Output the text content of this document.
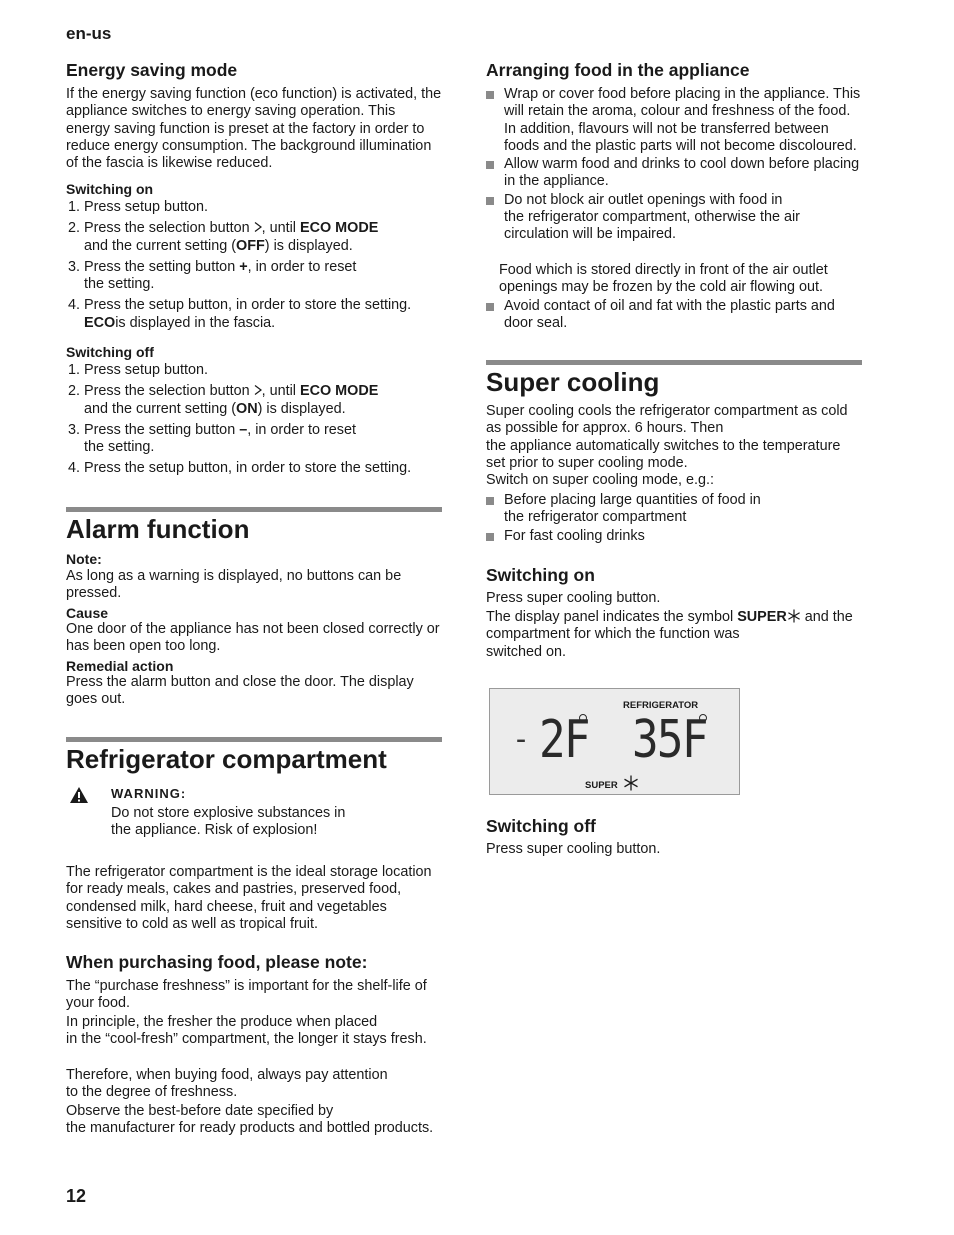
en-us
Energy saving mode
If the energy saving function (eco function) is activated, the appliance switches to energy saving operation. This energy saving function is preset at the factory in order to reduce energy consumption. The background illumination of the fascia is likewise reduced.
Switching on
1. Press setup button.
2. Press the selection button , until ECO MODE
and the current setting (OFF) is displayed.
3. Press the setting button +, in order to reset
the setting.
4. Press the setup button, in order to store the setting.
ECOis displayed in the fascia.
Switching off
1. Press setup button.
2. Press the selection button , until ECO MODE
and the current setting (ON) is displayed.
3. Press the setting button –, in order to reset
the setting.
4. Press the setup button, in order to store the setting.
Alarm function
Note:
As long as a warning is displayed, no buttons can be pressed.
Cause
One door of the appliance has not been closed correctly or has been open too long.
Remedial action
Press the alarm button and close the door. The display goes out.
Refrigerator compartment
WARNING:
Do not store explosive substances in
the appliance. Risk of explosion!
The refrigerator compartment is the ideal storage location for ready meals, cakes and pastries, preserved food, condensed milk, hard cheese, fruit and vegetables sensitive to cold as well as tropical fruit.
When purchasing food, please note:
The “purchase freshness” is important for the shelf-life of your food.
In principle, the fresher the produce when placed
in the “cool-fresh” compartment, the longer it stays fresh.
Therefore, when buying food, always pay attention
to the degree of freshness.
Observe the best-before date specified by
the manufacturer for ready products and bottled products.
Arranging food in the appliance
Wrap or cover food before placing in the appliance. This will retain the aroma, colour and freshness of the food. In addition, flavours will not be transferred between foods and the plastic parts will not become discoloured.
Allow warm food and drinks to cool down before placing in the appliance.
Do not block air outlet openings with food in
the refrigerator compartment, otherwise the air circulation will be impaired.
Food which is stored directly in front of the air outlet openings may be frozen by the cold air flowing out.
Avoid contact of oil and fat with the plastic parts and door seal.
Super cooling
Super cooling cools the refrigerator compartment as cold as possible for approx. 6 hours. Then
the appliance automatically switches to the temperature set prior to super cooling mode.
Switch on super cooling mode, e.g.:
Before placing large quantities of food in
the refrigerator compartment
For fast cooling drinks
Switching on
Press super cooling button.
The display panel indicates the symbol SUPER and the compartment for which the function was
switched on.
Switching off
Press super cooling button.
REFRIGERATOR
- 2F 35F
SUPER
12
